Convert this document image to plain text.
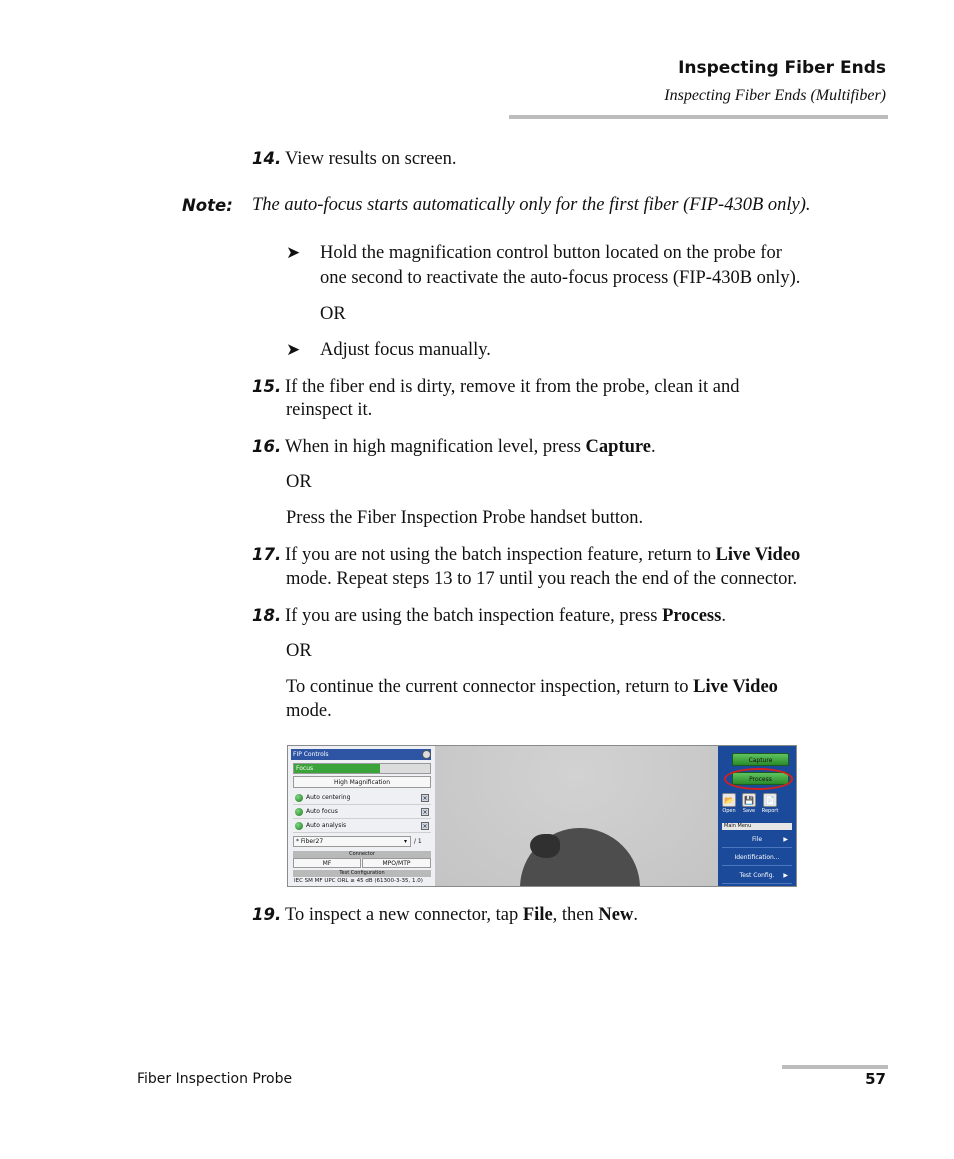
Inspecting Fiber Ends
Inspecting Fiber Ends (Multifiber)
14. View results on screen.
Note: The auto-focus starts automatically only for the first fiber (FIP-430B only).
➤ Hold the magnification control button located on the probe for
one second to reactivate the auto-focus process (FIP-430B only).
OR
➤ Adjust focus manually.
15. If the fiber end is dirty, remove it from the probe, clean it and
reinspect it.
16. When in high magnification level, press Capture.
OR
Press the Fiber Inspection Probe handset button.
17. If you are not using the batch inspection feature, return to Live Video
mode. Repeat steps 13 to 17 until you reach the end of the connector.
18. If you are using the batch inspection feature, press Process.
OR
To continue the current connector inspection, return to Live Video
mode.
FIP Controls
Focus
High Magnification
Auto centering	×
Auto focus	×
Auto analysis	×
* Fiber27	▾ / 1
Connector
MF	MPO/MTP
Test Configuration
IEC SM MF UPC ORL ≥ 45 dB (61300-3-35, 1.0)
Capture
Process
📂 💾 📄
Open	Save	Report
Main Menu
File	▶
Identification...
Test Config. ▶
19. To inspect a new connector, tap File, then New.
Fiber Inspection Probe	57
